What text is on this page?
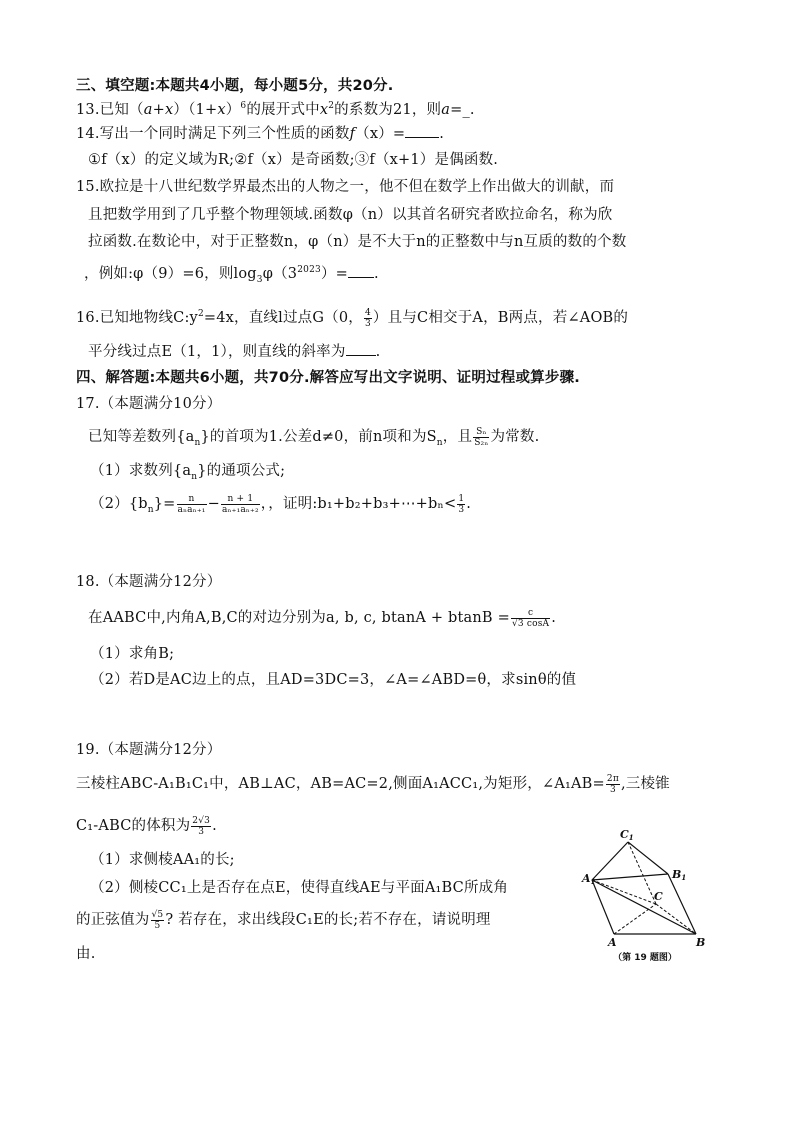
三、填空题:本题共4小题，每小题5分，共20分.
13.已知$(a+x)(1+x)^6$的展开式中$x^2$的系数为21，则a=_.
14.写出一个同时满足下列三个性质的函数f（x）= .
①f（x）的定义域为R;②f（x）是奇函数;③f（x+1）是偶函数.
15.欧拉是十八世纪数学界最杰出的人物之一，他不但在数学上作出做大的训献，而
且把数学用到了几乎整个物理领域.函数φ（n）以其首名研究者欧拉命名，称为欣
拉函数.在数论中，对于正整数n，φ（n）是不大于n的正整数中与n互质的数的个数
，例如:φ（9）=6，则$\log_3\varphi(3^{2023})=$ .
16.已知地物线$C:y^2=4x$，直线l过点G（0， $\frac{4}{3}$ ）且与C相交于A，B两点，若∠AOB的
平分线过点E（1，1），则直线的斜率为 .
四、解答题:本题共6小题，共70分.解答应写出文字说明、证明过程或算步骤.
17.（本题满分10分）
已知等差数列$\{a_n\}$的首项为1.公差d≠0，前n项和为$S_n$，且 $\frac{\text{Sₙ}}{\text{S₂ₙ}}$ 为常数.
（1）求数列$\{a_n\}$的通项公式;
$(2)\{b_n\}= \frac{n}{\text{aₙaₙ₊₁}} - \frac{n + 1}{\text{aₙ₊₁aₙ₊₂}}$ ，，证明:b₁+b₂+b₃+⋯+bₙ< $\frac{1}{3}$ .
18.（本题满分12分）
在AABC中,内角A,B,C的对边分别为a, b, c, $btanA + btanB = \frac{c}{√3 \cos A}$ .
（1）求角B;
（2）若D是AC边上的点，且AD=3DC=3，∠A=∠ABD=θ，求sinθ的值
19.（本题满分12分）
三棱柱ABC-A₁B₁C₁中，AB⊥AC，AB=AC=2,侧面A₁ACC₁,为矩形，∠A₁AB= $\frac{2\pi}{3}$ ,三棱锥
C₁-ABC的体积为 $\frac{2√3}{3}$ .
（1）求侧棱AA₁的长;
（2）侧棱CC₁上是否存在点E，使得直线AE与平面A₁BC所成角
的正弦值为 $\frac{√5}{5}$ ? 若存在，求出线段C₁E的长;若不存在，请说明理
由.
C1
A1
B1
C
A	B
（第 19 题图）
